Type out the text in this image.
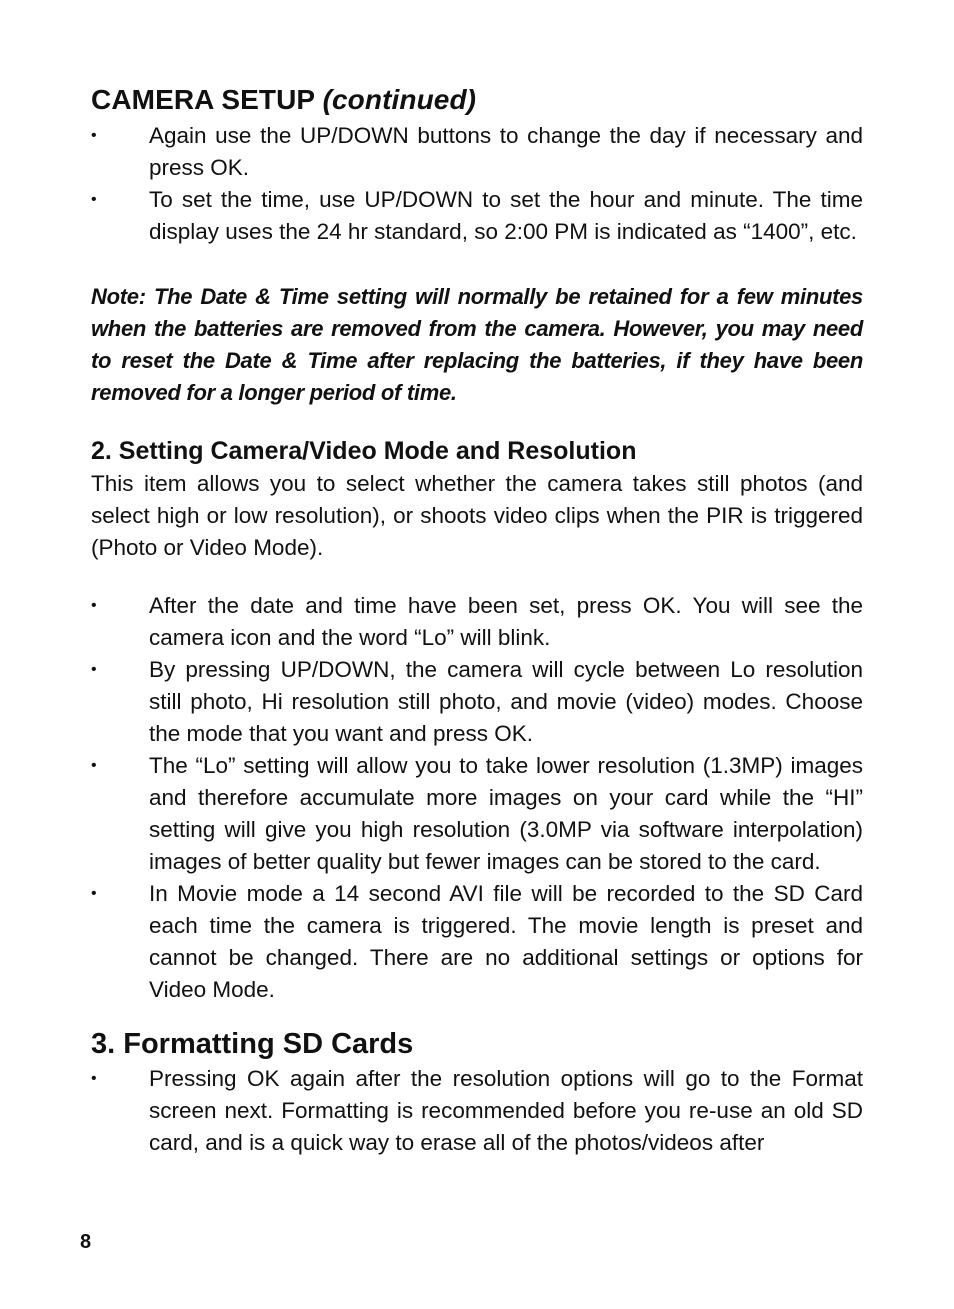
CAMERA SETUP (continued)
• Again use the UP/DOWN buttons to change the day if necessary and press OK.
• To set the time, use UP/DOWN to set the hour and minute. The time display uses the 24 hr standard, so 2:00 PM is indicated as “1400”, etc.

Note: The Date & Time setting will normally be retained for a few minutes when the batteries are removed from the camera. However, you may need to reset the Date & Time after replacing the batteries, if they have been removed for a longer period of time.

2. Setting Camera/Video Mode and Resolution

This item allows you to select whether the camera takes still photos (and select high or low resolution), or shoots video clips when the PIR is triggered (Photo or Video Mode).

• After the date and time have been set, press OK. You will see the camera icon and the word “Lo” will blink.
• By pressing UP/DOWN, the camera will cycle between Lo resolution still photo, Hi resolution still photo, and movie (video) modes. Choose the mode that you want and press OK.
• The “Lo” setting will allow you to take lower resolution (1.3MP) images and therefore accumulate more images on your card while the “HI” setting will give you high resolution (3.0MP via software interpolation) images of better quality but fewer images can be stored to the card.
• In Movie mode a 14 second AVI file will be recorded to the SD Card each time the camera is triggered. The movie length is preset and cannot be changed. There are no additional settings or options for Video Mode.
3. Formatting SD Cards
• Pressing OK again after the resolution options will go to the Format screen next. Formatting is recommended before you re-use an old SD card, and is a quick way to erase all of the photos/videos after
8
